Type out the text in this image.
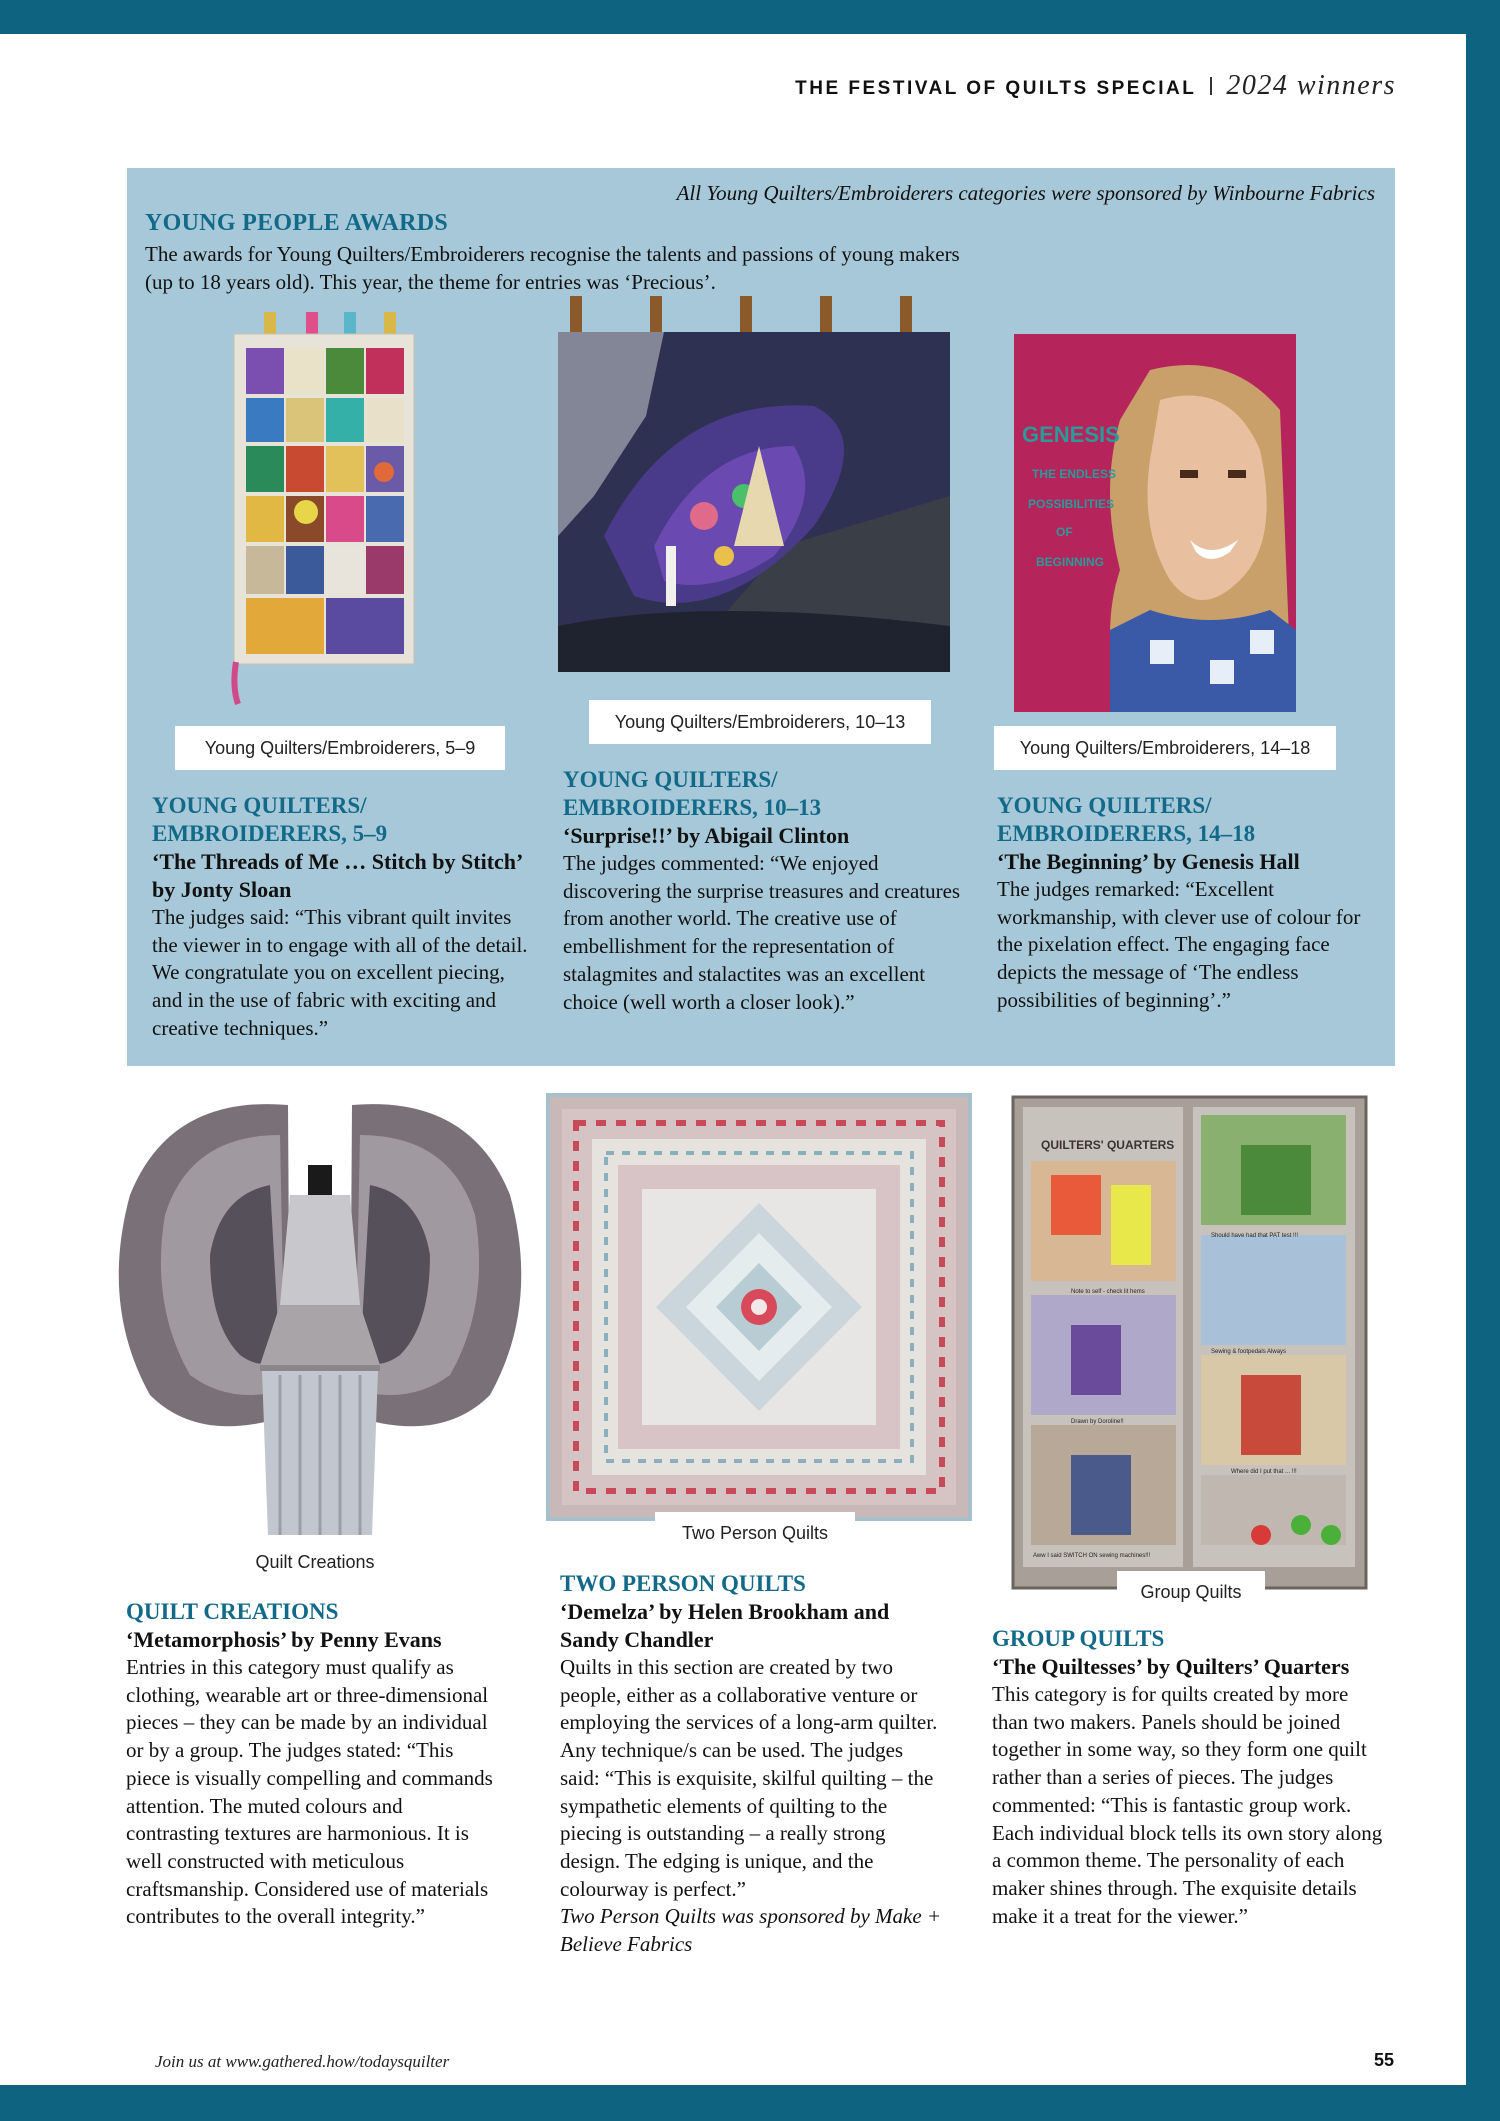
THE FESTIVAL OF QUILTS SPECIAL 2024 winners
All Young Quilters/Embroiderers categories were sponsored by Winbourne Fabrics
YOUNG PEOPLE AWARDS
The awards for Young Quilters/Embroiderers recognise the talents and passions of young makers (up to 18 years old). This year, the theme for entries was ‘Precious’.
GENESIS
THE ENDLESS
POSSIBILITIES
OF
BEGINNING
Young Quilters/Embroiderers, 5–9
Young Quilters/Embroiderers, 10–13
Young Quilters/Embroiderers, 14–18
YOUNG QUILTERS/
EMBROIDERERS, 5–9
‘The Threads of Me … Stitch by Stitch’ by Jonty Sloan
The judges said: “This vibrant quilt invites the viewer in to engage with all of the detail. We congratulate you on excellent piecing, and in the use of fabric with exciting and creative techniques.”
YOUNG QUILTERS/
EMBROIDERERS, 10–13
‘Surprise!!’ by Abigail Clinton
The judges commented: “We enjoyed discovering the surprise treasures and creatures from another world. The creative use of embellishment for the representation of stalagmites and stalactites was an excellent choice (well worth a closer look).”
YOUNG QUILTERS/
EMBROIDERERS, 14–18
‘The Beginning’ by Genesis Hall
The judges remarked: “Excellent workmanship, with clever use of colour for the pixelation effect. The engaging face depicts the message of ‘The endless possibilities of beginning’.”
QUILTERS' QUARTERS
Should have had that PAT test !!!
Note to self - check lit hems
Sewing & footpedals Always
Drawn by Doroline!!
Where did I put that ... !!!
Aww I said SWITCH ON sewing machines!!!
Quilt Creations
Two Person Quilts
Group Quilts
QUILT CREATIONS
‘Metamorphosis’ by Penny Evans
Entries in this category must qualify as clothing, wearable art or three-dimensional pieces – they can be made by an individual or by a group. The judges stated: “This piece is visually compelling and commands attention. The muted colours and contrasting textures are harmonious. It is well constructed with meticulous craftsmanship. Considered use of materials contributes to the overall integrity.”
TWO PERSON QUILTS
‘Demelza’ by Helen Brookham and Sandy Chandler
Quilts in this section are created by two people, either as a collaborative venture or employing the services of a long-arm quilter. Any technique/s can be used. The judges said: “This is exquisite, skilful quilting – the sympathetic elements of quilting to the piecing is outstanding – a really strong design. The edging is unique, and the colourway is perfect.”
Two Person Quilts was sponsored by Make + Believe Fabrics
GROUP QUILTS
‘The Quiltesses’ by Quilters’ Quarters
This category is for quilts created by more than two makers. Panels should be joined together in some way, so they form one quilt rather than a series of pieces. The judges commented: “This is fantastic group work. Each individual block tells its own story along a common theme. The personality of each maker shines through. The exquisite details make it a treat for the viewer.”
Join us at www.gathered.how/todaysquilter	55
